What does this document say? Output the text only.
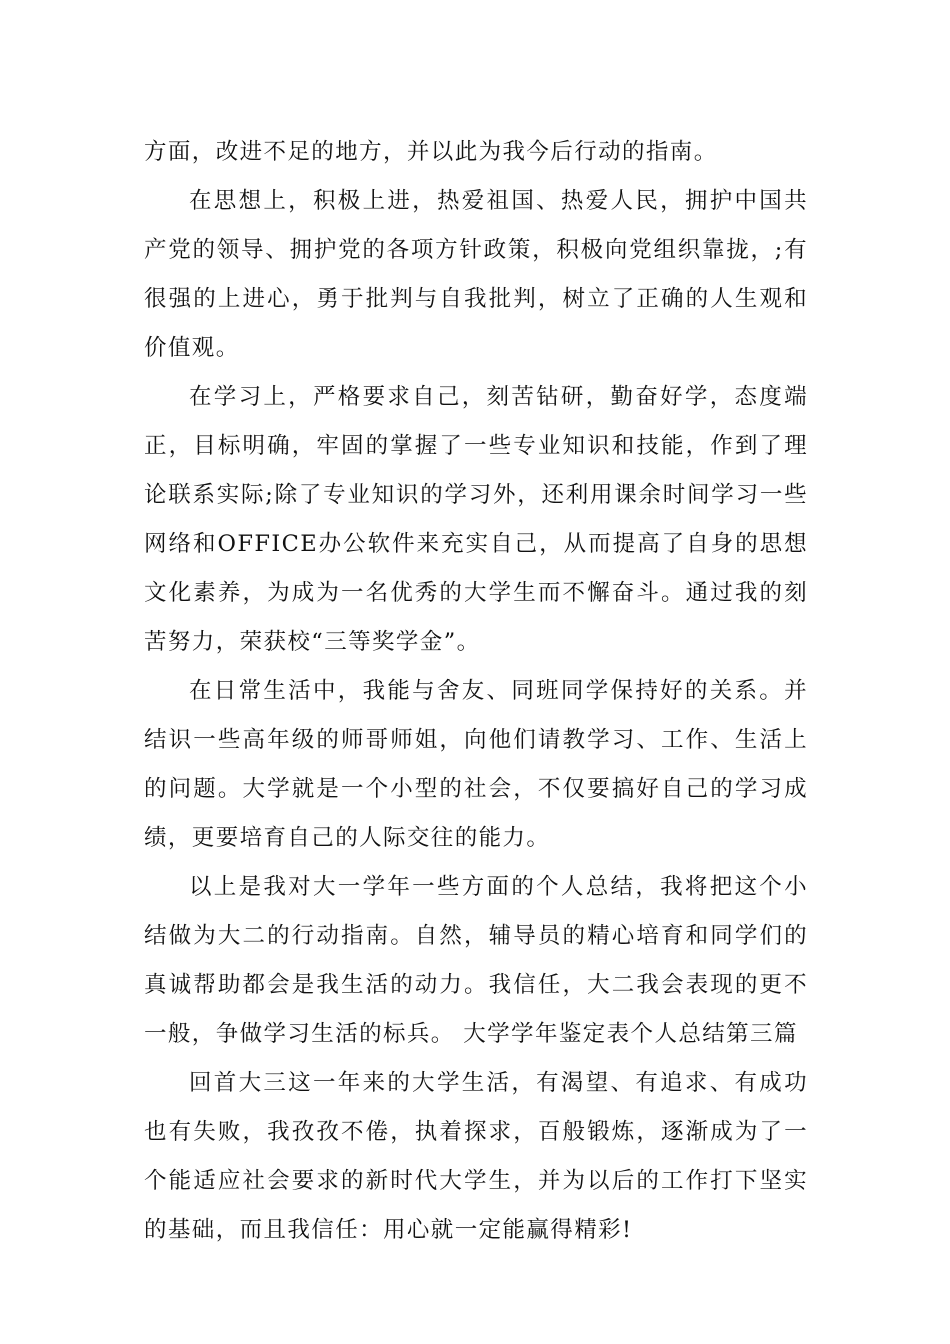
方面，改进不足的地方，并以此为我今后行动的指南。

在思想上，积极上进，热爱祖国、热爱人民，拥护中国共产党的领导、拥护党的各项方针政策，积极向党组织靠拢，;有很强的上进心，勇于批判与自我批判，树立了正确的人生观和价值观。

在学习上，严格要求自己，刻苦钻研，勤奋好学，态度端正，目标明确，牢固的掌握了一些专业知识和技能，作到了理论联系实际;除了专业知识的学习外，还利用课余时间学习一些网络和OFFICE办公软件来充实自己，从而提高了自身的思想文化素养，为成为一名优秀的大学生而不懈奋斗。通过我的刻苦努力，荣获校“三等奖学金”。

在日常生活中，我能与舍友、同班同学保持好的关系。并结识一些高年级的师哥师姐，向他们请教学习、工作、生活上的问题。大学就是一个小型的社会，不仅要搞好自己的学习成绩，更要培育自己的人际交往的能力。

以上是我对大一学年一些方面的个人总结，我将把这个小结做为大二的行动指南。自然，辅导员的精心培育和同学们的真诚帮助都会是我生活的动力。我信任，大二我会表现的更不一般，争做学习生活的标兵。 大学学年鉴定表个人总结第三篇

回首大三这一年来的大学生活，有渴望、有追求、有成功也有失败，我孜孜不倦，执着探求，百般锻炼，逐渐成为了一个能适应社会要求的新时代大学生，并为以后的工作打下坚实的基础，而且我信任：用心就一定能赢得精彩!
